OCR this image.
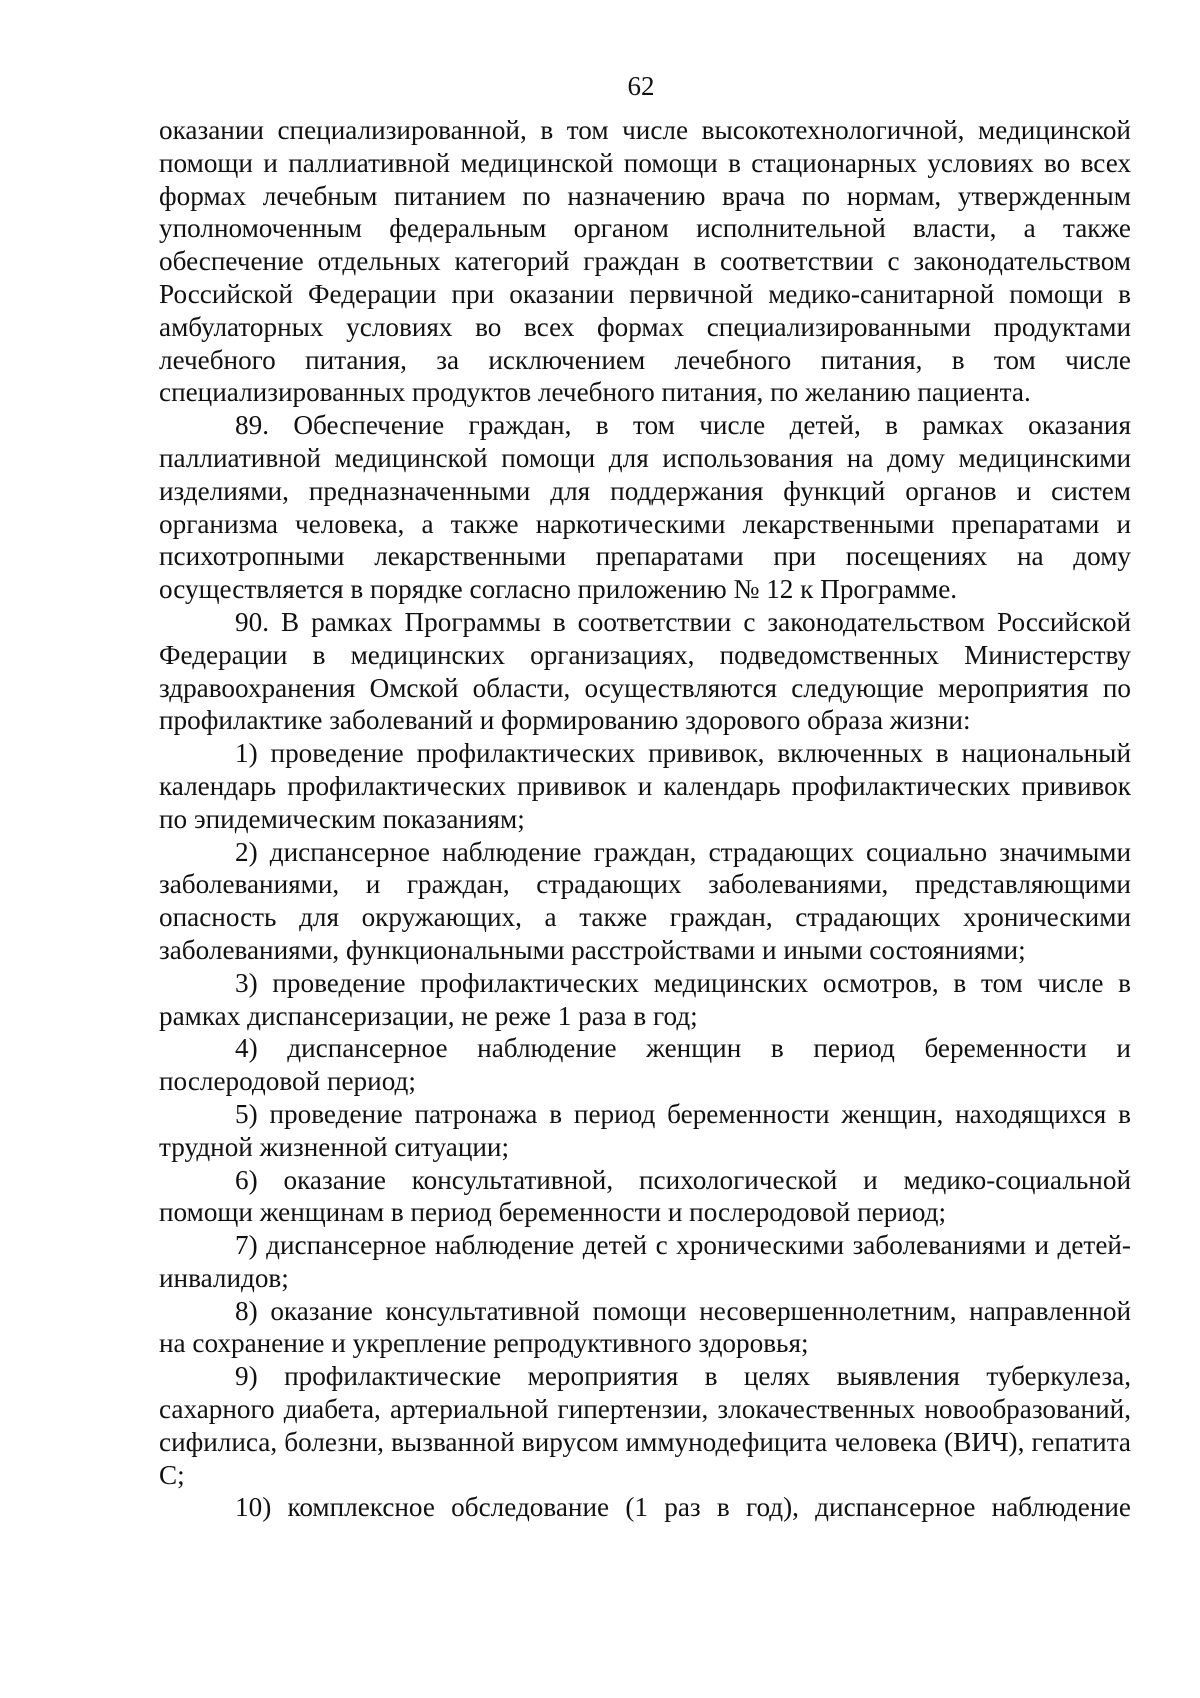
62

оказании специализированной, в том числе высокотехнологичной, медицинской помощи и паллиативной медицинской помощи в стационарных условиях во всех формах лечебным питанием по назначению врача по нормам, утвержденным уполномоченным федеральным органом исполнительной власти, а также обеспечение отдельных категорий граждан в соответствии с законодательством Российской Федерации при оказании первичной медико-санитарной помощи в амбулаторных условиях во всех формах специализированными продуктами лечебного питания, за исключением лечебного питания, в том числе специализированных продуктов лечебного питания, по желанию пациента.

89. Обеспечение граждан, в том числе детей, в рамках оказания паллиативной медицинской помощи для использования на дому медицинскими изделиями, предназначенными для поддержания функций органов и систем организма человека, а также наркотическими лекарственными препаратами и психотропными лекарственными препаратами при посещениях на дому осуществляется в порядке согласно приложению № 12 к Программе.

90. В рамках Программы в соответствии с законодательством Российской Федерации в медицинских организациях, подведомственных Министерству здравоохранения Омской области, осуществляются следующие мероприятия по профилактике заболеваний и формированию здорового образа жизни:

1) проведение профилактических прививок, включенных в национальный календарь профилактических прививок и календарь профилактических прививок по эпидемическим показаниям;

2) диспансерное наблюдение граждан, страдающих социально значимыми заболеваниями, и граждан, страдающих заболеваниями, представляющими опасность для окружающих, а также граждан, страдающих хроническими заболеваниями, функциональными расстройствами и иными состояниями;

3) проведение профилактических медицинских осмотров, в том числе в рамках диспансеризации, не реже 1 раза в год;

4) диспансерное наблюдение женщин в период беременности и послеродовой период;

5) проведение патронажа в период беременности женщин, находящихся в трудной жизненной ситуации;

6) оказание консультативной, психологической и медико-социальной помощи женщинам в период беременности и послеродовой период;

7) диспансерное наблюдение детей с хроническими заболеваниями и детей-инвалидов;

8) оказание консультативной помощи несовершеннолетним, направленной на сохранение и укрепление репродуктивного здоровья;

9) профилактические мероприятия в целях выявления туберкулеза, сахарного диабета, артериальной гипертензии, злокачественных новообразований, сифилиса, болезни, вызванной вирусом иммунодефицита человека (ВИЧ), гепатита С;

10) комплексное обследование (1 раз в год), диспансерное наблюдение
